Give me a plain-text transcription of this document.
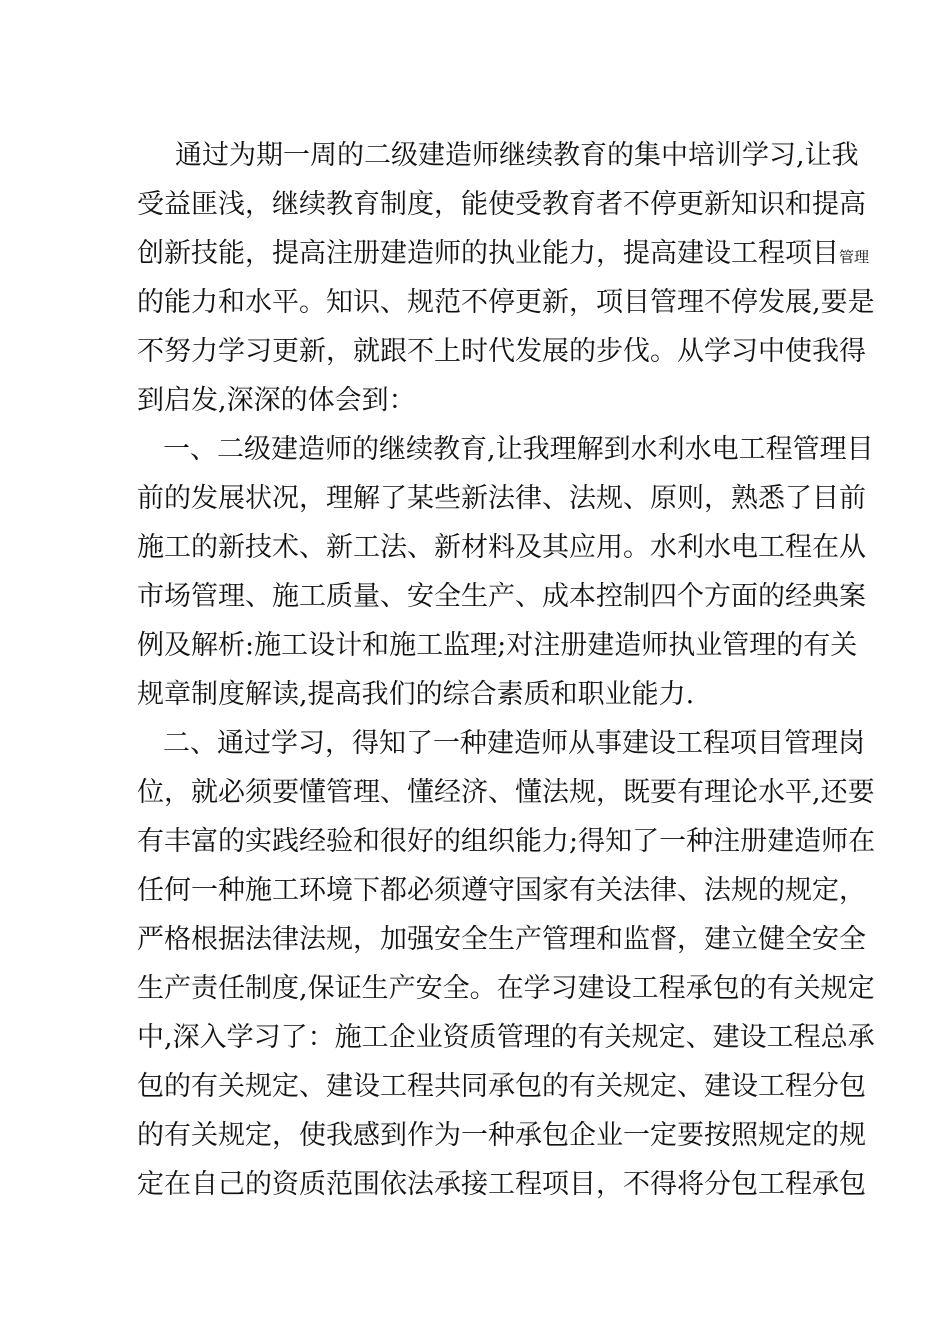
通过为期一周的二级建造师继续教育的集中培训学习,让我
受益匪浅，继续教育制度，能使受教育者不停更新知识和提高
创新技能，提高注册建造师的执业能力，提高建设工程项目管理
的能力和水平。知识、规范不停更新，项目管理不停发展,要是
不努力学习更新，就跟不上时代发展的步伐。从学习中使我得
到启发,深深的体会到：
一、二级建造师的继续教育,让我理解到水利水电工程管理目
前的发展状况，理解了某些新法律、法规、原则，熟悉了目前
施工的新技术、新工法、新材料及其应用。水利水电工程在从
市场管理、施工质量、安全生产、成本控制四个方面的经典案
例及解析:施工设计和施工监理;对注册建造师执业管理的有关
规章制度解读,提高我们的综合素质和职业能力.
二、通过学习，得知了一种建造师从事建设工程项目管理岗
位，就必须要懂管理、懂经济、懂法规，既要有理论水平,还要
有丰富的实践经验和很好的组织能力;得知了一种注册建造师在
任何一种施工环境下都必须遵守国家有关法律、法规的规定，
严格根据法律法规，加强安全生产管理和监督，建立健全安全
生产责任制度,保证生产安全。在学习建设工程承包的有关规定
中,深入学习了：施工企业资质管理的有关规定、建设工程总承
包的有关规定、建设工程共同承包的有关规定、建设工程分包
的有关规定，使我感到作为一种承包企业一定要按照规定的规
定在自己的资质范围依法承接工程项目，不得将分包工程承包
